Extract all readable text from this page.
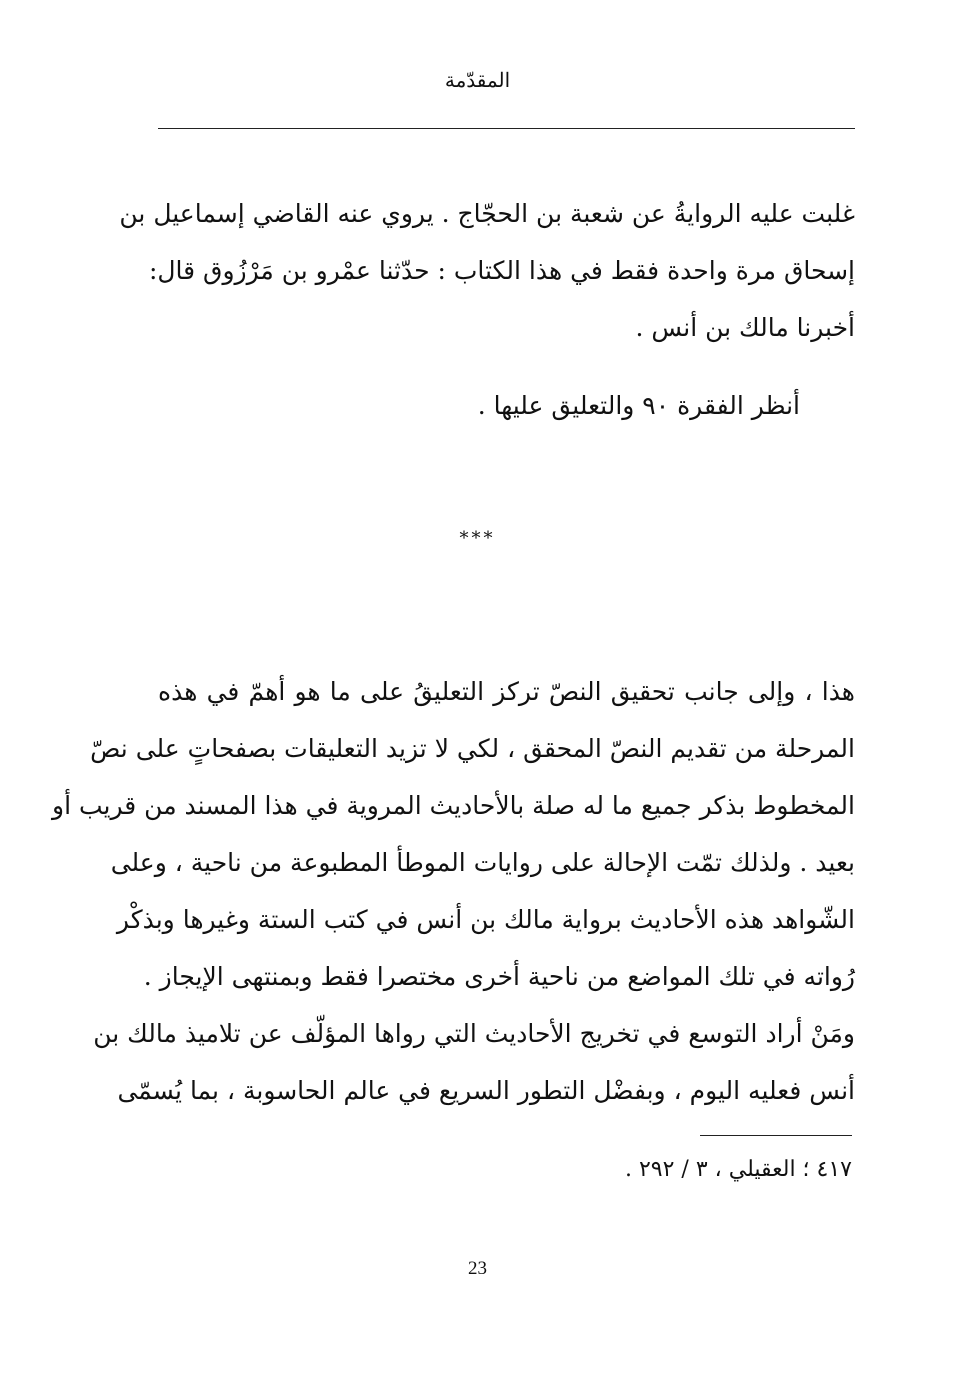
المقدّمة
غلبت عليه الروايةُ عن شعبة بن الحجّاج . يروي عنه القاضي إسماعيل بن
إسحاق مرة واحدة فقط في هذا الكتاب : حدّثنا عمْرو بن مَرْزُوق قال:
أخبرنا مالك بن أنس .
أنظر الفقرة ٩٠ والتعليق عليها .
***
هذا ، وإلى جانب تحقيق النصّ تركز التعليقُ على ما هو أهمّ في هذه
المرحلة من تقديم النصّ المحقق ، لكي لا تزيد التعليقات بصفحاتٍ على نصّ
المخطوط بذكر جميع ما له صلة بالأحاديث المروية في هذا المسند من قريب أو
بعيد . ولذلك تمّت الإحالة على روايات الموطأ المطبوعة من ناحية ، وعلى
الشّواهد هذه الأحاديث برواية مالك بن أنس في كتب الستة وغيرها وبذكْر
رُواته في تلك المواضع من ناحية أخرى مختصرا فقط وبمنتهى الإيجاز .
ومَنْ أراد التوسع في تخريج الأحاديث التي رواها المؤلّف عن تلاميذ مالك بن
أنس فعليه اليوم ، وبفضْل التطور السريع في عالم الحاسوبة ، بما يُسمّى
٤١٧ ؛ العقيلي ، ٣ / ٢٩٢ .
23
